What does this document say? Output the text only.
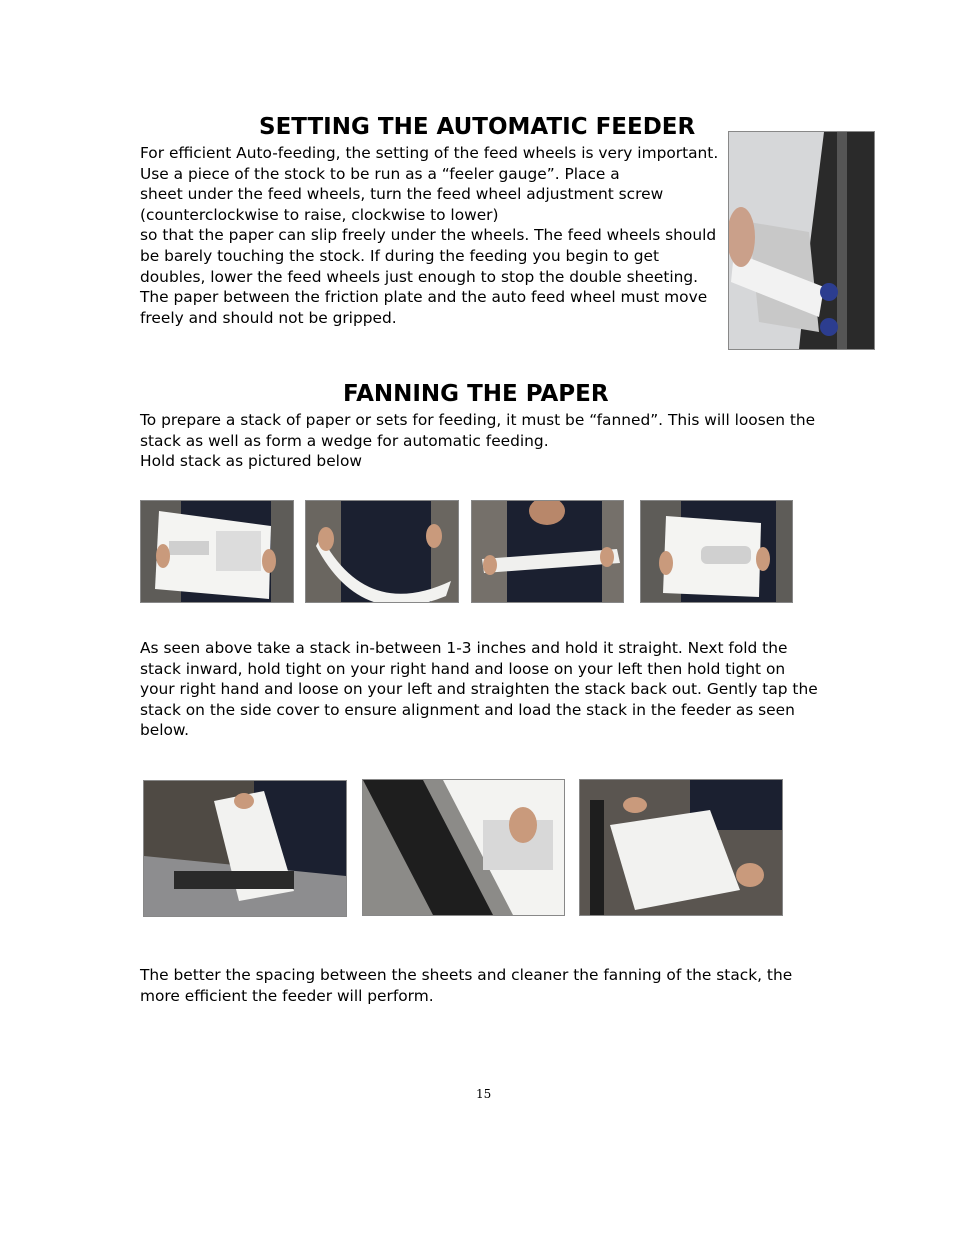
SETTING THE AUTOMATIC FEEDER
For efficient Auto-feeding, the setting of the feed wheels is very important.
Use a piece of the stock to be run as a “feeler gauge”. Place a
sheet under the feed wheels, turn the feed wheel adjustment screw
(counterclockwise to raise, clockwise to lower)
so that the paper can slip freely under the wheels. The feed wheels should
be barely touching the stock. If during the feeding you begin to get
doubles, lower the feed wheels just enough to stop the double sheeting.
The paper between the friction plate and the auto feed wheel must move
freely and should not be gripped.
FANNING THE PAPER
To prepare a stack of paper or sets for feeding, it must be “fanned”. This will loosen the
stack as well as form a wedge for automatic feeding.
Hold stack as pictured below
As seen above take a stack in-between 1-3 inches and hold it straight. Next fold the
stack inward, hold tight on your right hand and loose on your left then hold tight on
your right hand and loose on your left and straighten the stack back out. Gently tap the
stack on the side cover to ensure alignment and load the stack in the feeder as seen
below.
The better the spacing between the sheets and cleaner the fanning of the stack, the
more efficient the feeder will perform.
15
